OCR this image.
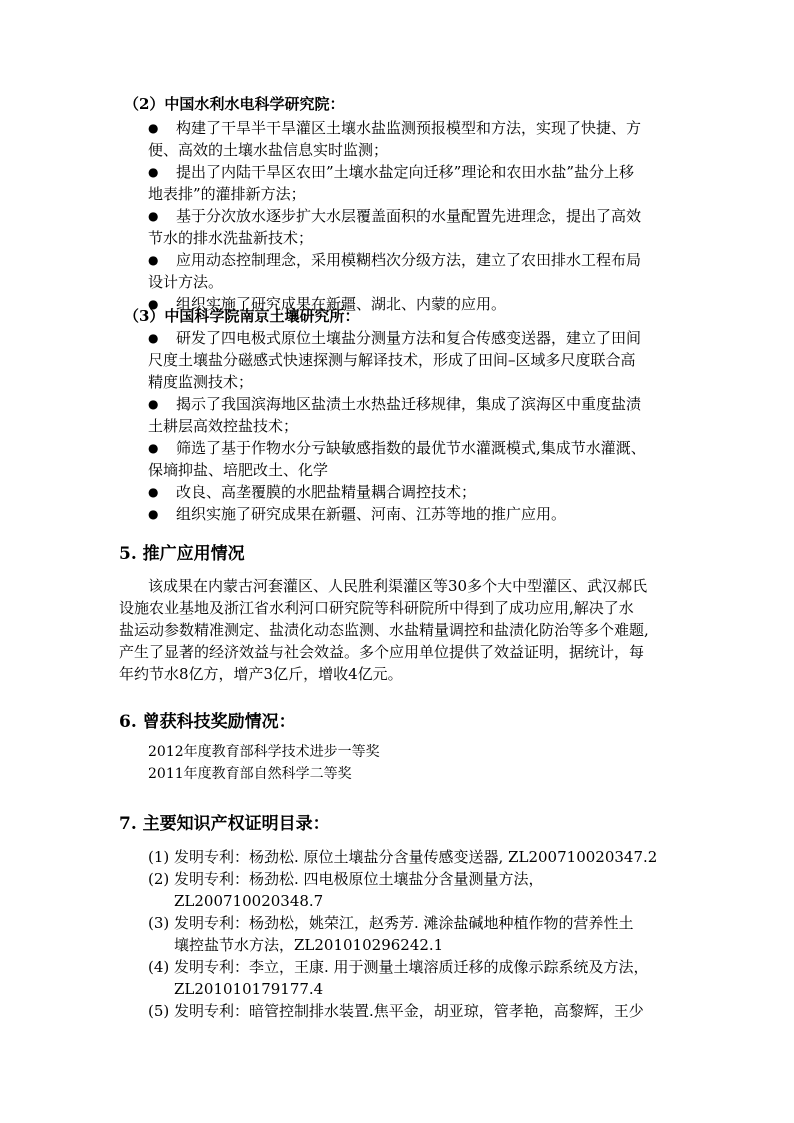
（2）中国水利水电科学研究院：
● 构建了干旱半干旱灌区土壤水盐监测预报模型和方法，实现了快捷、方
便、高效的土壤水盐信息实时监测；
● 提出了内陆干旱区农田”土壤水盐定向迁移”理论和农田水盐”盐分上移
地表排”的灌排新方法；
● 基于分次放水逐步扩大水层覆盖面积的水量配置先进理念，提出了高效
节水的排水洗盐新技术；
● 应用动态控制理念，采用模糊档次分级方法，建立了农田排水工程布局
设计方法。
● 组织实施了研究成果在新疆、湖北、内蒙的应用。
（3）中国科学院南京土壤研究所：
● 研发了四电极式原位土壤盐分测量方法和复合传感变送器，建立了田间
尺度土壤盐分磁感式快速探测与解译技术，形成了田间–区域多尺度联合高
精度监测技术；
● 揭示了我国滨海地区盐渍土水热盐迁移规律，集成了滨海区中重度盐渍
土耕层高效控盐技术；
● 筛选了基于作物水分亏缺敏感指数的最优节水灌溉模式,集成节水灌溉、
保墒抑盐、培肥改土、化学
● 改良、高垄覆膜的水肥盐精量耦合调控技术；
● 组织实施了研究成果在新疆、河南、江苏等地的推广应用。
5. 推广应用情况
该成果在内蒙古河套灌区、人民胜利渠灌区等30多个大中型灌区、武汉郝氏
设施农业基地及浙江省水利河口研究院等科研院所中得到了成功应用,解决了水
盐运动参数精准测定、盐渍化动态监测、水盐精量调控和盐渍化防治等多个难题,
产生了显著的经济效益与社会效益。多个应用单位提供了效益证明，据统计，每
年约节水8亿方，增产3亿斤，增收4亿元。
6. 曾获科技奖励情况：
2012年度教育部科学技术进步一等奖
2011年度教育部自然科学二等奖
7. 主要知识产权证明目录：
(1) 发明专利：杨劲松. 原位土壤盐分含量传感变送器, ZL200710020347.2
(2) 发明专利：杨劲松. 四电极原位土壤盐分含量测量方法，
ZL200710020348.7
(3) 发明专利：杨劲松，姚荣江，赵秀芳. 滩涂盐碱地种植作物的营养性土
壤控盐节水方法，ZL201010296242.1
(4) 发明专利：李立，王康. 用于测量土壤溶质迁移的成像示踪系统及方法，
ZL201010179177.4
(5) 发明专利：暗管控制排水装置.焦平金，胡亚琼，管孝艳，高黎辉，王少
